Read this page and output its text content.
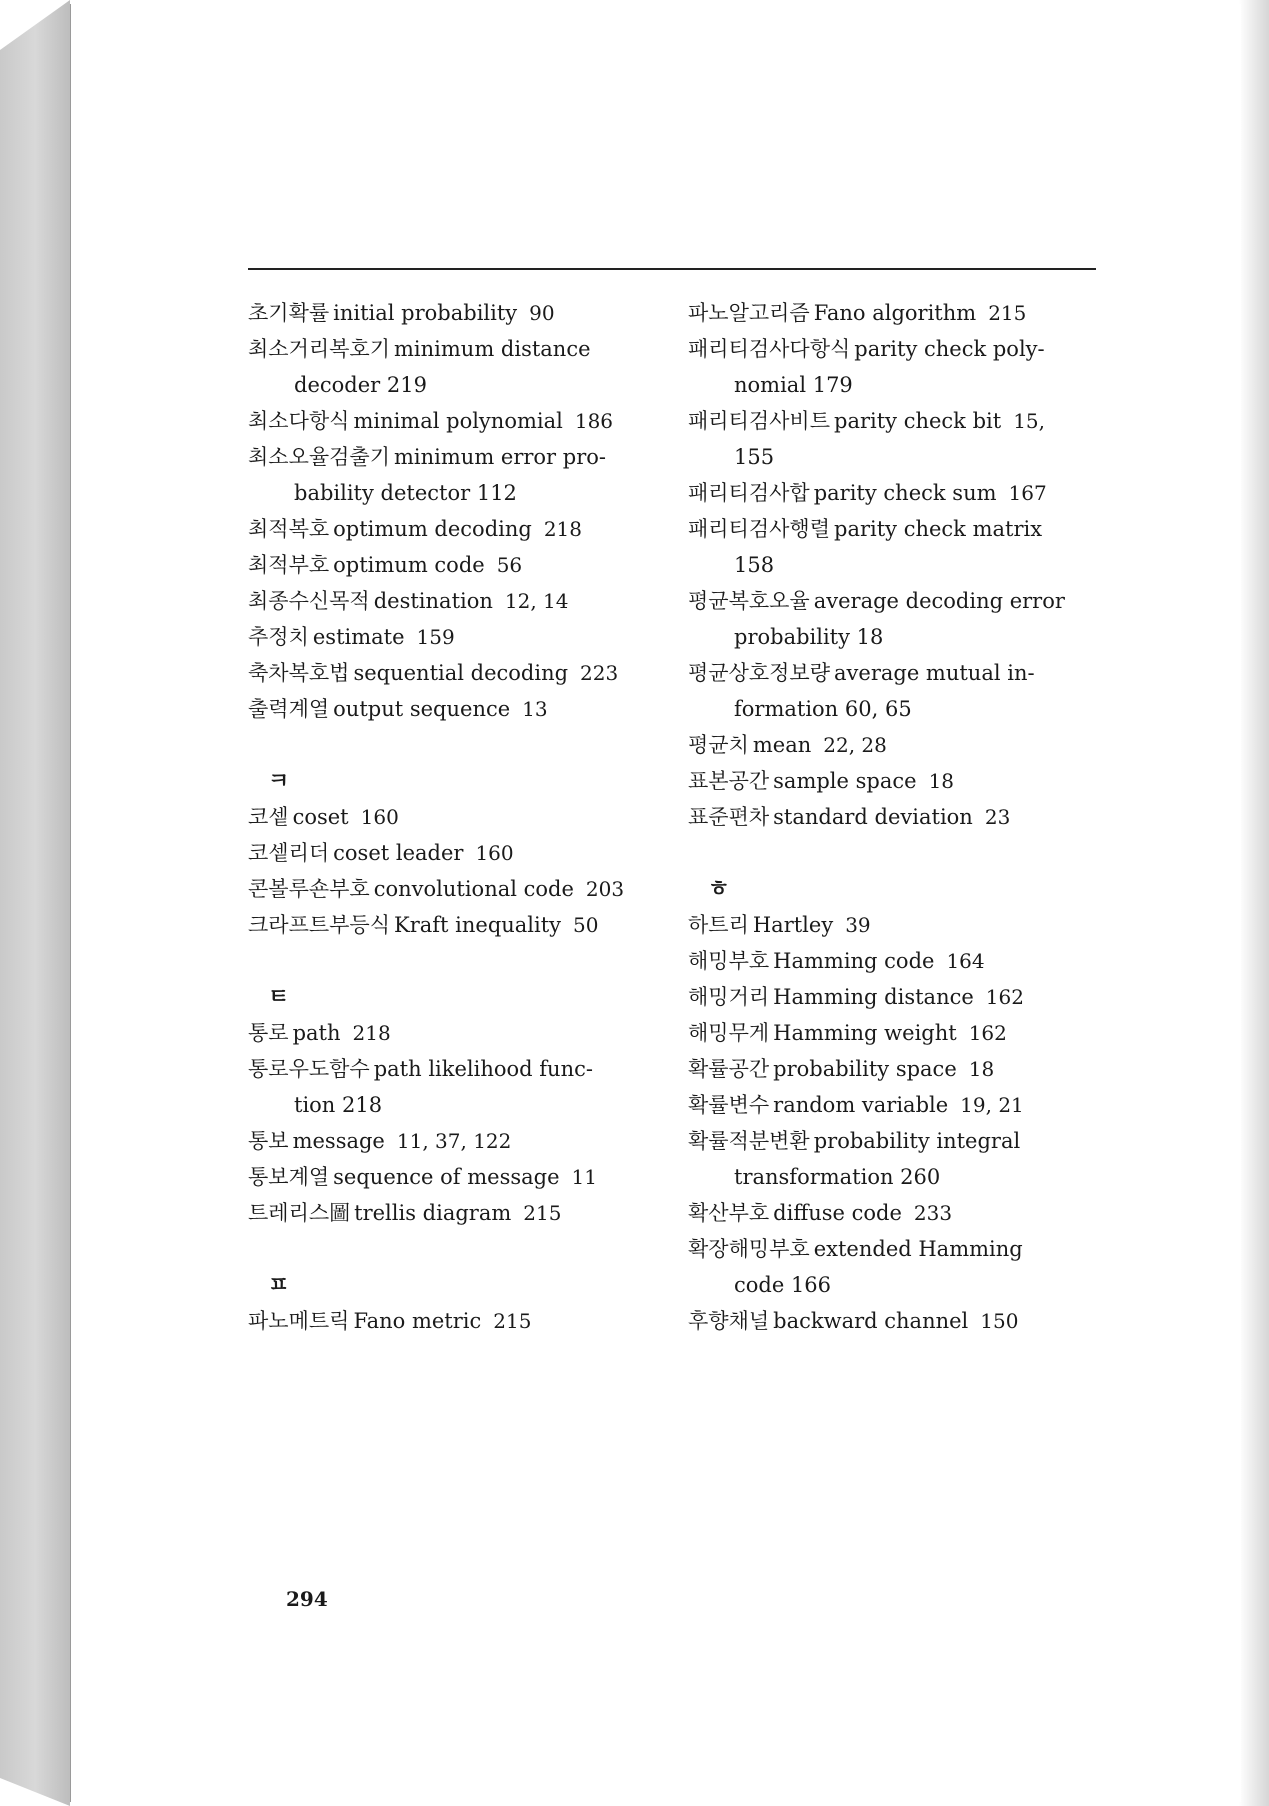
초기확률 initial probability 90
최소거리복호기 minimum distance
decoder 219
최소다항식 minimal polynomial 186
최소오율검출기 minimum error pro-
bability detector 112
최적복호 optimum decoding 218
최적부호 optimum code 56
최종수신목적 destination 12, 14
추정치 estimate 159
축차복호법 sequential decoding 223
출력계열 output sequence 13
ㅋ
코셑 coset 160
코셑리더 coset leader 160
콘볼루숀부호 convolutional code 203
크라프트부등식 Kraft inequality 50
ㅌ
통로 path 218
통로우도함수 path likelihood func-
tion 218
통보 message 11, 37, 122
통보계열 sequence of message 11
트레리스圖 trellis diagram 215
ㅍ
파노메트릭 Fano metric 215
파노알고리즘 Fano algorithm 215
패리티검사다항식 parity check poly-
nomial 179
패리티검사비트 parity check bit 15,
155
패리티검사합 parity check sum 167
패리티검사행렬 parity check matrix
158
평균복호오율 average decoding error
probability 18
평균상호정보량 average mutual in-
formation 60, 65
평균치 mean 22, 28
표본공간 sample space 18
표준편차 standard deviation 23
ㅎ
하트리 Hartley 39
해밍부호 Hamming code 164
해밍거리 Hamming distance 162
해밍무게 Hamming weight 162
확률공간 probability space 18
확률변수 random variable 19, 21
확률적분변환 probability integral
transformation 260
확산부호 diffuse code 233
확장해밍부호 extended Hamming
code 166
후향채널 backward channel 150
294
